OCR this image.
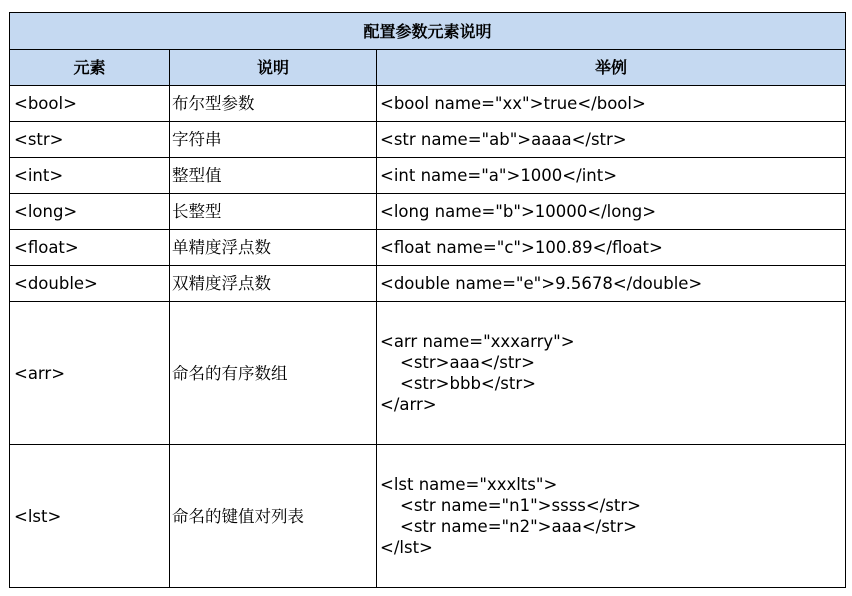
配置参数元素说明		
元素	说明	举例
<bool>	布尔型参数	<bool name="xx">true</bool>

<str>	字符串	<str name="ab">aaaa</str>

<int>	整型值	<int name="a">1000</int>

<long>	长整型	<long name="b">10000</long>

<float>	单精度浮点数	<float name="c">100.89</float>

<double>	双精度浮点数	<double name="e">9.5678</double>

<arr>	命名的有序数组	<arr name="xxxarry">
<str>aaa</str>
<str>bbb</str>
</arr>

<lst>	命名的键值对列表	<lst name="xxxlts">
<str name="n1">ssss</str>
<str name="n2">aaa</str>
</lst>
